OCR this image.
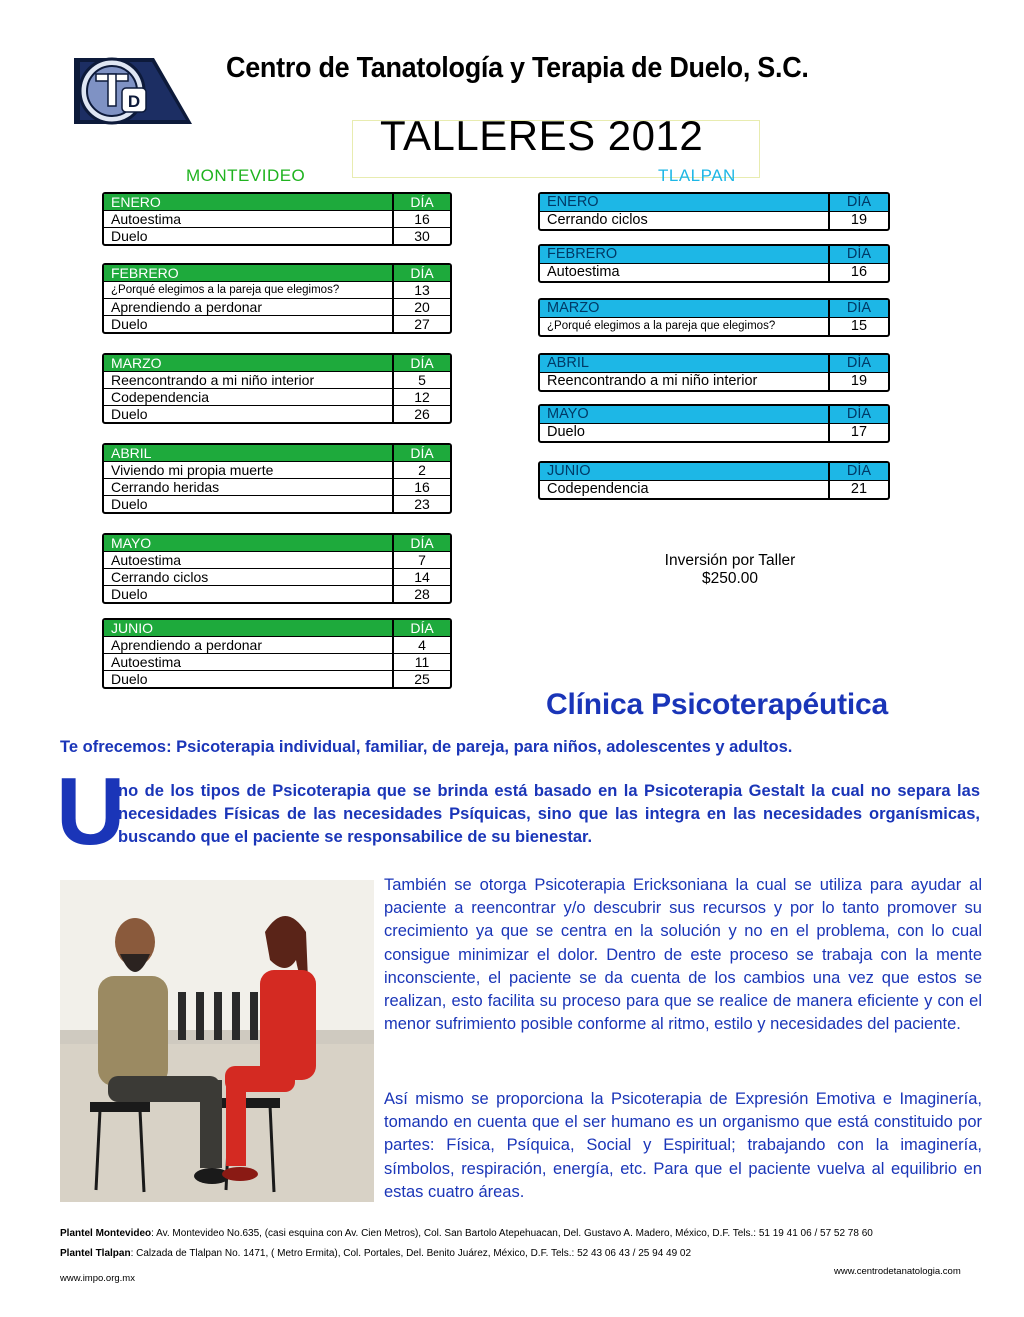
D
Centro de Tanatología y Terapia de Duelo, S.C.
TALLERES 2012
MONTEVIDEO	TLALPAN
ENERO	DÍA
Autoestima	16
Duelo	30
FEBRERO	DÍA
¿Porqué elegimos a la pareja que elegimos?	13
Aprendiendo a perdonar	20
Duelo	27
MARZO	DÍA
Reencontrando a mi niño interior	5
Codependencia	12
Duelo	26
ABRIL	DÍA
Viviendo mi propia muerte	2
Cerrando heridas	16
Duelo	23
MAYO	DÍA
Autoestima	7
Cerrando ciclos	14
Duelo	28
JUNIO	DÍA
Aprendiendo a perdonar	4
Autoestima	11
Duelo	25
ENERO	DÍA
Cerrando ciclos	19
FEBRERO	DÍA
Autoestima	16
MARZO	DÍA
¿Porqué elegimos a la pareja que elegimos?	15
ABRIL	DÍA
Reencontrando a mi niño interior	19
MAYO	DÍA
Duelo	17
JUNIO	DÍA
Codependencia	21
Inversión por Taller
$250.00
Clínica Psicoterapéutica
Te ofrecemos: Psicoterapia individual, familiar, de pareja, para niños, adolescentes y adultos.
U
no de los tipos de Psicoterapia que se brinda está basado en la Psicoterapia Gestalt la cual no separa las necesidades Físicas de las necesidades Psíquicas, sino que las integra en las necesidades organísmicas, buscando que el paciente se responsabilice de su bienestar.
También se otorga Psicoterapia Ericksoniana la cual se utiliza para ayudar al paciente a reencontrar y/o descubrir sus recursos y por lo tanto promover su crecimiento ya que se centra en la solución y no en el problema, con lo cual consigue minimizar el dolor. Dentro de este proceso se trabaja con la mente inconsciente, el paciente se da cuenta de los cambios una vez que estos se realizan, esto facilita su proceso para que se realice de manera eficiente y con el menor sufrimiento posible conforme al ritmo, estilo y necesidades del paciente.
Así mismo se proporciona la Psicoterapia de Expresión Emotiva e Imaginería, tomando en cuenta que el ser humano es un organismo que está constituido por partes: Física, Psíquica, Social y Espiritual; trabajando con la imaginería, símbolos, respiración, energía, etc. Para que el paciente vuelva al equilibrio en estas cuatro áreas.
Plantel Montevideo: Av. Montevideo No.635, (casi esquina con Av. Cien Metros), Col. San Bartolo Atepehuacan, Del. Gustavo A. Madero, México, D.F. Tels.: 51 19 41 06 / 57 52 78 60
Plantel Tlalpan: Calzada de Tlalpan No. 1471, ( Metro Ermita), Col. Portales, Del. Benito Juárez, México, D.F. Tels.: 52 43 06 43 / 25 94 49 02
www.impo.org.mx
www.centrodetanatologia.com
